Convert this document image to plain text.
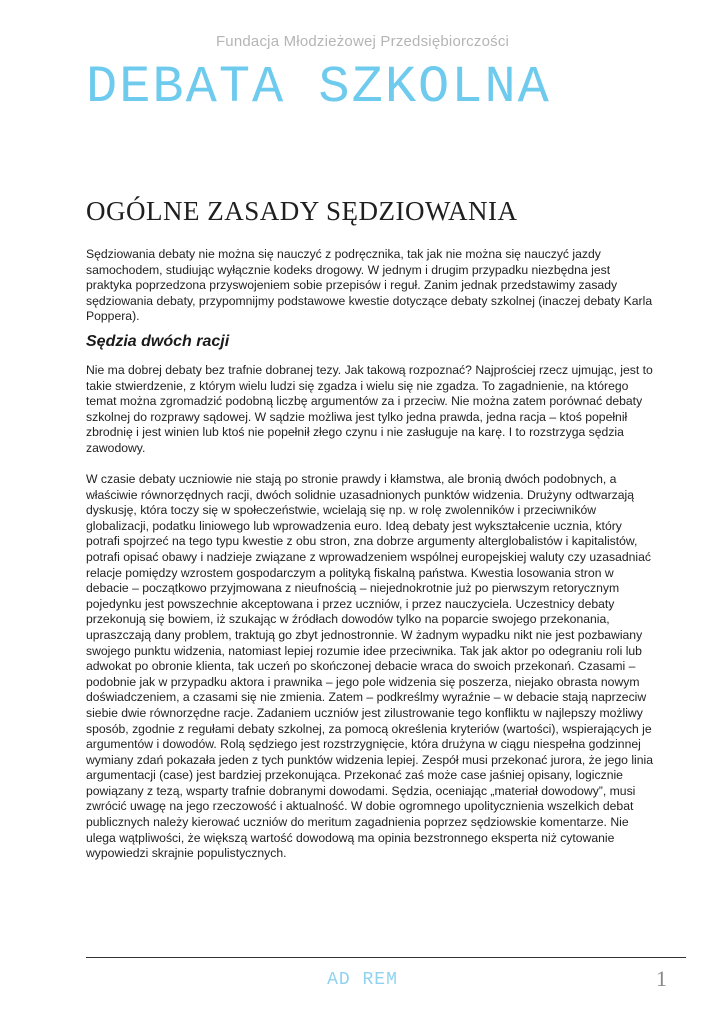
Fundacja Młodzieżowej Przedsiębiorczości
DEBATA SZKOLNA
OGÓLNE ZASADY SĘDZIOWANIA

Sędziowania debaty nie można się nauczyć z podręcznika, tak jak nie można się nauczyć jazdy samochodem, studiując wyłącznie kodeks drogowy. W jednym i drugim przypadku niezbędna jest praktyka poprzedzona przyswojeniem sobie przepisów i reguł. Zanim jednak przedstawimy zasady sędziowania debaty, przypomnijmy podstawowe kwestie dotyczące debaty szkolnej (inaczej debaty Karla Poppera).

Sędzia dwóch racji

Nie ma dobrej debaty bez trafnie dobranej tezy. Jak takową rozpoznać? Najprościej rzecz ujmując, jest to takie stwierdzenie, z którym wielu ludzi się zgadza i wielu się nie zgadza. To zagadnienie, na którego temat można zgromadzić podobną liczbę argumentów za i przeciw. Nie można zatem porównać debaty szkolnej do rozprawy sądowej. W sądzie możliwa jest tylko jedna prawda, jedna racja – ktoś popełnił zbrodnię i jest winien lub ktoś nie popełnił złego czynu i nie zasługuje na karę. I to rozstrzyga sędzia zawodowy.

W czasie debaty uczniowie nie stają po stronie prawdy i kłamstwa, ale bronią dwóch podobnych, a właściwie równorzędnych racji, dwóch solidnie uzasadnionych punktów widzenia. Drużyny odtwarzają dyskusję, która toczy się w społeczeństwie, wcielają się np. w rolę zwolenników i przeciwników globalizacji, podatku liniowego lub wprowadzenia euro. Ideą debaty jest wykształcenie ucznia, który potrafi spojrzeć na tego typu kwestie z obu stron, zna dobrze argumenty alterglobalistów i kapitalistów, potrafi opisać obawy i nadzieje związane z wprowadzeniem wspólnej europejskiej waluty czy uzasadniać relacje pomiędzy wzrostem gospodarczym a polityką fiskalną państwa. Kwestia losowania stron w debacie – początkowo przyjmowana z nieufnością – niejednokrotnie już po pierwszym retorycznym pojedynku jest powszechnie akceptowana i przez uczniów, i przez nauczyciela. Uczestnicy debaty przekonują się bowiem, iż szukając w źródłach dowodów tylko na poparcie swojego przekonania, upraszczają dany problem, traktują go zbyt jednostronnie. W żadnym wypadku nikt nie jest pozbawiany swojego punktu widzenia, natomiast lepiej rozumie idee przeciwnika. Tak jak aktor po odegraniu roli lub adwokat po obronie klienta, tak uczeń po skończonej debacie wraca do swoich przekonań. Czasami – podobnie jak w przypadku aktora i prawnika – jego pole widzenia się poszerza, niejako obrasta nowym doświadczeniem, a czasami się nie zmienia. Zatem – podkreślmy wyraźnie – w debacie stają naprzeciw siebie dwie równorzędne racje. Zadaniem uczniów jest zilustrowanie tego konfliktu w najlepszy możliwy sposób, zgodnie z regułami debaty szkolnej, za pomocą określenia kryteriów (wartości), wspierających je argumentów i dowodów. Rolą sędziego jest rozstrzygnięcie, która drużyna w ciągu niespełna godzinnej wymiany zdań pokazała jeden z tych punktów widzenia lepiej. Zespół musi przekonać jurora, że jego linia argumentacji (case) jest bardziej przekonująca. Przekonać zaś może case jaśniej opisany, logicznie powiązany z tezą, wsparty trafnie dobranymi dowodami. Sędzia, oceniając „materiał dowodowy”, musi zwrócić uwagę na jego rzeczowość i aktualność. W dobie ogromnego upolitycznienia wszelkich debat publicznych należy kierować uczniów do meritum zagadnienia poprzez sędziowskie komentarze. Nie ulega wątpliwości, że większą wartość dowodową ma opinia bezstronnego eksperta niż cytowanie wypowiedzi skrajnie populistycznych.

AD REM	1
